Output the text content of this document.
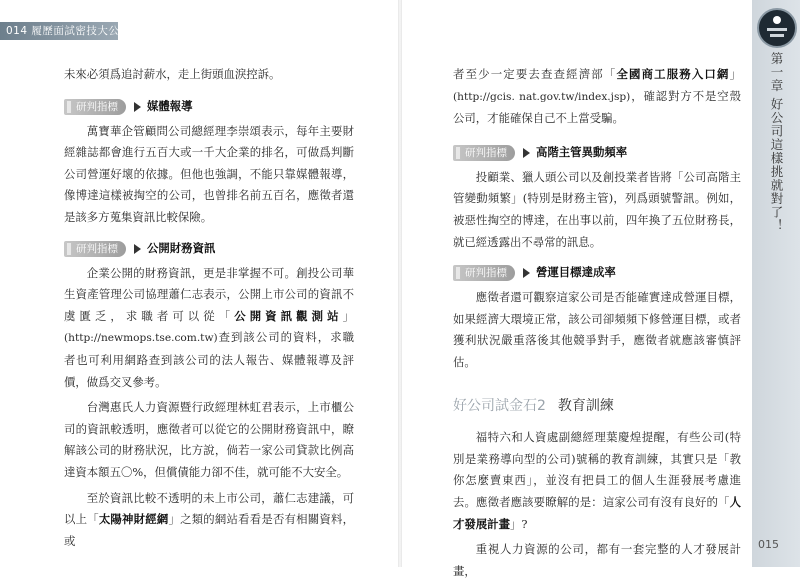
014 履歷面試密技大公開

未來必須爲追討薪水，走上街頭血淚控訴。

研判指標	媒體報導

萬寶華企管顧問公司總經理李崇頌表示，每年主要財經雜誌都會進行五百大或一千大企業的排名，可做爲判斷公司營運好壞的依據。但他也強調，不能只靠媒體報導，像博達這樣被掏空的公司，也曾排名前五百名，應徵者還是該多方蒐集資訊比較保險。

研判指標	公開財務資訊

企業公開的財務資訊，更是非掌握不可。創投公司華生資產管理公司協理蕭仁志表示，公開上市公司的資訊不虞匱乏，求職者可以從「公開資訊觀測站」(http://newmops.tse.com.tw)查到該公司的資料，求職者也可利用網路查到該公司的法人報告、媒體報導及評價，做爲交叉參考。

台灣惠氏人力資源暨行政經理林虹君表示，上市櫃公司的資訊較透明，應徵者可以從它的公開財務資訊中，瞭解該公司的財務狀況，比方說，倘若一家公司貸款比例高達資本額五〇%，但償債能力卻不佳，就可能不大安全。

至於資訊比較不透明的未上市公司，蕭仁志建議，可以上「太陽神財經網」之類的網站看看是否有相關資料，或

者至少一定要去查查經濟部「全國商工服務入口網」(http://gcis. nat.gov.tw/index.jsp)，確認對方不是空殼公司，才能確保自己不上當受騙。

研判指標	高階主管異動頻率

投顧業、獵人頭公司以及創投業者皆將「公司高階主管變動頻繁」(特別是財務主管)，列爲頭號警訊。例如，被惡性掏空的博達，在出事以前，四年換了五位財務長，就已經透露出不尋常的訊息。

研判指標	營運目標達成率

應徵者還可觀察這家公司是否能確實達成營運目標，如果經濟大環境正常，該公司卻頻頻下修營運目標，或者獲利狀況嚴重落後其他競爭對手，應徵者就應該審慎評估。

好公司試金石2 教育訓練

福特六和人資處副總經理葉慶煌提醒，有些公司(特別是業務導向型的公司)號稱的教育訓練，其實只是「教你怎麼賣東西」，並沒有把員工的個人生涯發展考慮進去。應徵者應該要瞭解的是：這家公司有沒有良好的「人才發展計畫」?

重視人力資源的公司，都有一套完整的人才發展計畫，

第一章 好公司這樣挑就對了！
015
